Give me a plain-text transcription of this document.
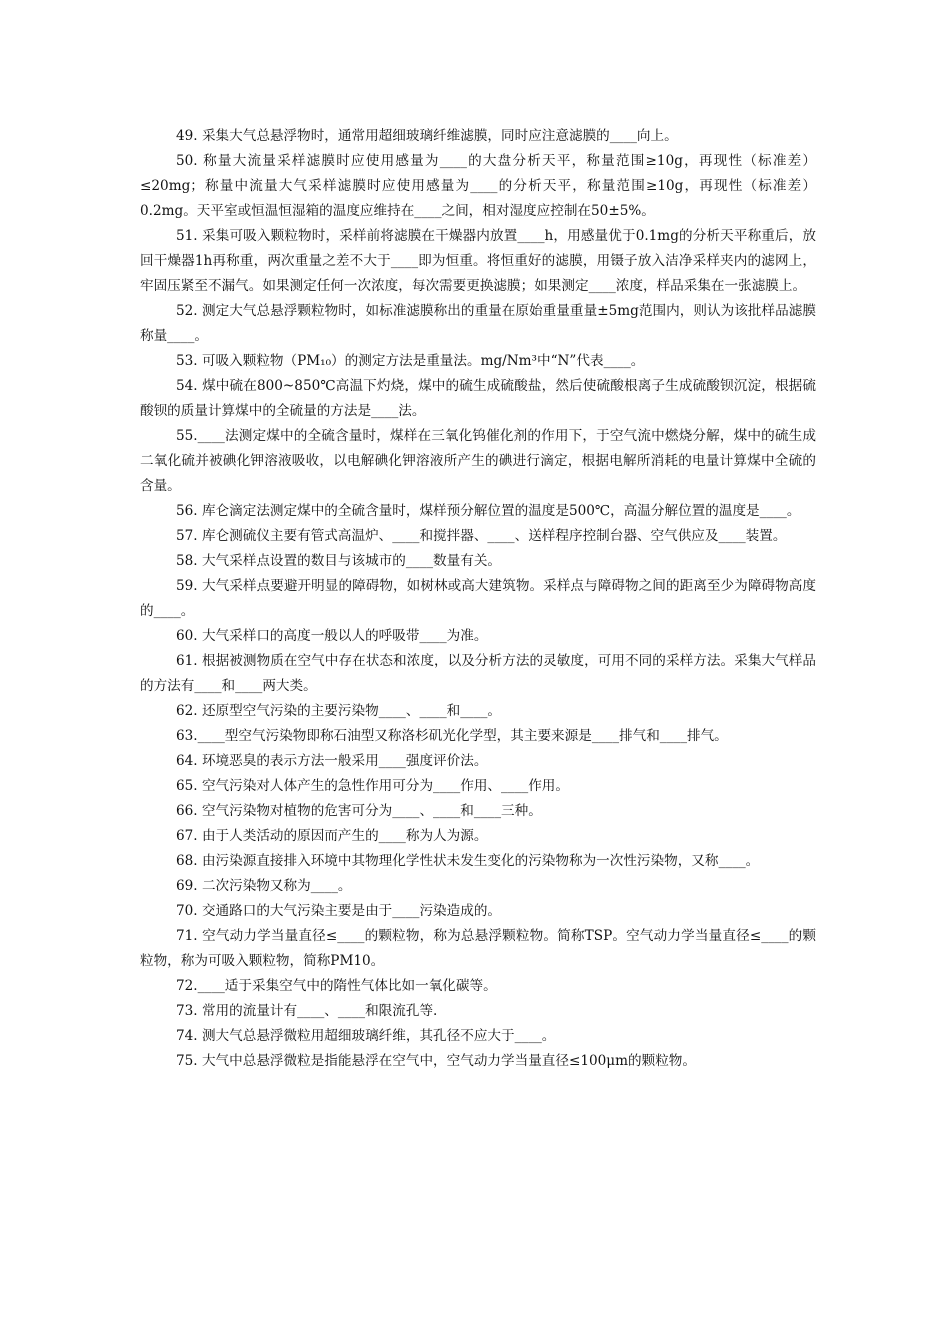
49. 采集大气总悬浮物时，通常用超细玻璃纤维滤膜，同时应注意滤膜的____向上。

50. 称量大流量采样滤膜时应使用感量为____的大盘分析天平，称量范围≥10g，再现性（标准差）≤20mg；称量中流量大气采样滤膜时应使用感量为____的分析天平，称量范围≥10g，再现性（标准差）0.2mg。天平室或恒温恒湿箱的温度应维持在____之间，相对湿度应控制在50±5%。

51. 采集可吸入颗粒物时，采样前将滤膜在干燥器内放置____h，用感量优于0.1mg的分析天平称重后，放回干燥器1h再称重，两次重量之差不大于____即为恒重。将恒重好的滤膜，用镊子放入洁净采样夹内的滤网上，牢固压紧至不漏气。如果测定任何一次浓度，每次需要更换滤膜；如果测定____浓度，样品采集在一张滤膜上。

52. 测定大气总悬浮颗粒物时，如标准滤膜称出的重量在原始重量重量±5mg范围内，则认为该批样品滤膜称量____。

53. 可吸入颗粒物（PM₁₀）的测定方法是重量法。mg/Nm³中“N”代表____。

54. 煤中硫在800~850℃高温下灼烧，煤中的硫生成硫酸盐，然后使硫酸根离子生成硫酸钡沉淀，根据硫酸钡的质量计算煤中的全硫量的方法是____法。

55.____法测定煤中的全硫含量时，煤样在三氧化钨催化剂的作用下，于空气流中燃烧分解，煤中的硫生成二氧化硫并被碘化钾溶液吸收，以电解碘化钾溶液所产生的碘进行滴定，根据电解所消耗的电量计算煤中全硫的含量。

56. 库仑滴定法测定煤中的全硫含量时，煤样预分解位置的温度是500℃，高温分解位置的温度是____。

57. 库仑测硫仪主要有管式高温炉、____和搅拌器、____、送样程序控制台器、空气供应及____装置。

58. 大气采样点设置的数目与该城市的____数量有关。

59. 大气采样点要避开明显的障碍物，如树林或高大建筑物。采样点与障碍物之间的距离至少为障碍物高度的____。

60. 大气采样口的高度一般以人的呼吸带____为准。

61. 根据被测物质在空气中存在状态和浓度，以及分析方法的灵敏度，可用不同的采样方法。采集大气样品的方法有____和____两大类。

62. 还原型空气污染的主要污染物____、____和____。

63.____型空气污染物即称石油型又称洛杉矶光化学型，其主要来源是____排气和____排气。

64. 环境恶臭的表示方法一般采用____强度评价法。

65. 空气污染对人体产生的急性作用可分为____作用、____作用。

66. 空气污染物对植物的危害可分为____、____和____三种。

67. 由于人类活动的原因而产生的____称为人为源。

68. 由污染源直接排入环境中其物理化学性状未发生变化的污染物称为一次性污染物，又称____。

69. 二次污染物又称为____。

70. 交通路口的大气污染主要是由于____污染造成的。

71. 空气动力学当量直径≤____的颗粒物，称为总悬浮颗粒物。简称TSP。空气动力学当量直径≤____的颗粒物，称为可吸入颗粒物，简称PM10。

72.____适于采集空气中的隋性气体比如一氧化碳等。

73. 常用的流量计有____、____和限流孔等.

74. 测大气总悬浮微粒用超细玻璃纤维，其孔径不应大于____。

75. 大气中总悬浮微粒是指能悬浮在空气中，空气动力学当量直径≤100μm的颗粒物。
